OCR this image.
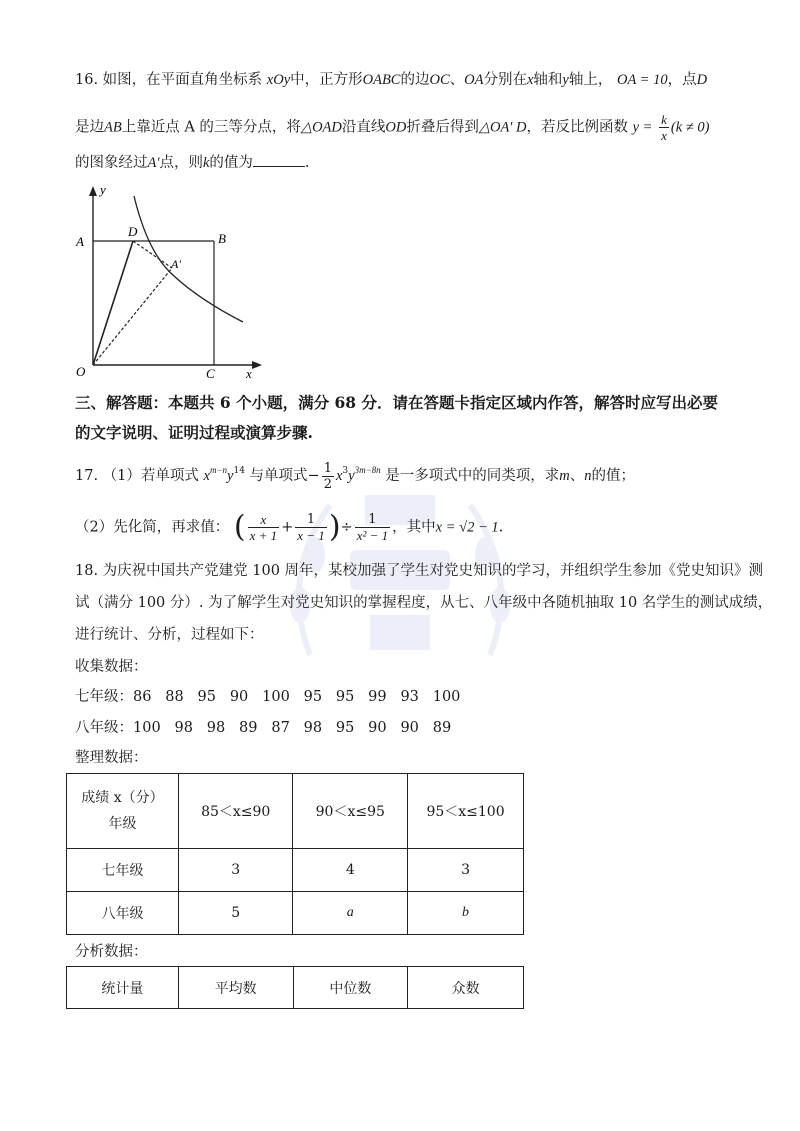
16. 如图，在平面直角坐标系 xOy中，正方形OABC的边OC、OA分别在x轴和y轴上， OA = 10，点D
是边AB上靠近点 A 的三等分点，将△OAD沿直线OD折叠后得到△OA' D，若反比例函数 $y = \frac{k}{x} (k \ne 0)$
的图象经过A'点，则k的值为	.
y
x
O
A	B
C
D
A'
三、解答题：本题共 6 个小题，满分 68 分．请在答题卡指定区域内作答，解答时应写出必要
的文字说明、证明过程或演算步骤.
17. （1）若单项式 $x^{m-n}y^{14}$ 与单项式− $\frac{1}{2} x^3y^{3m-8n}$ 是一多项式中的同类项，求m、n的值；
（2）先化简，再求值： ( $\frac{x}{x + 1} + \frac{1}{x - 1}$ )÷ $\frac{1}{\text{x² − 1}}$ ，其中x = √2 − 1.
18. 为庆祝中国共产党建党 100 周年，某校加强了学生对党史知识的学习，并组织学生参加《党史知识》测
试（满分 100 分）. 为了解学生对党史知识的掌握程度，从七、八年级中各随机抽取 10 名学生的测试成绩，
进行统计、分析，过程如下：
收集数据：
七年级：86   88   95   90   100   95   95   99   93   100
八年级：100   98   98   89   87   98   95   90   90   89
整理数据：
成绩 x（分）
年级	85＜x≤90	90＜x≤95	95＜x≤100
七年级	3	4	3
八年级	5	a	b
分析数据：
统计量	平均数	中位数	众数
